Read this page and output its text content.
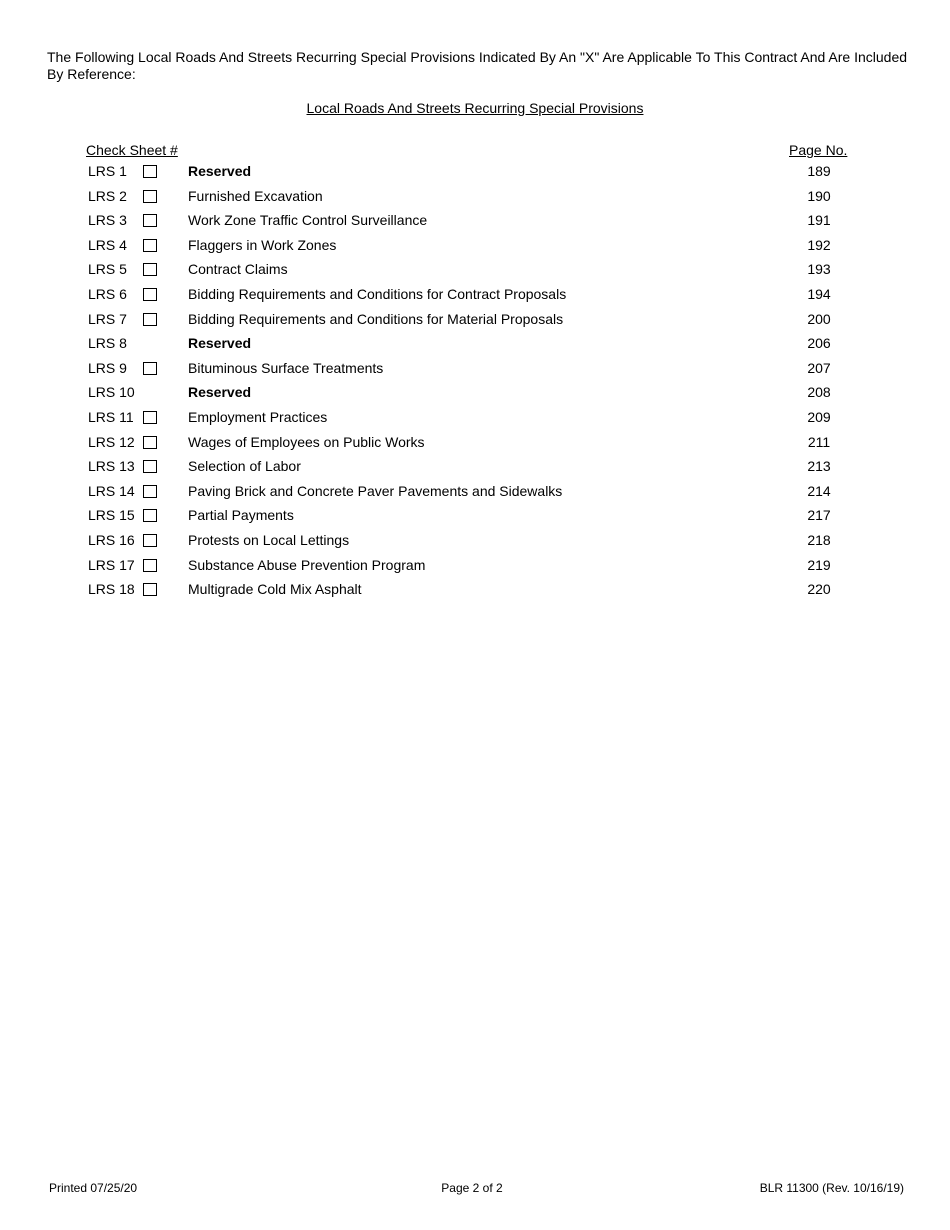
The Following Local Roads And Streets Recurring Special Provisions Indicated By An "X" Are Applicable To This Contract And Are Included By Reference:
Local Roads And Streets Recurring Special Provisions
Check Sheet #	Page No.
LRS 1	Reserved	189
LRS 2	Furnished Excavation	190
LRS 3	Work Zone Traffic Control Surveillance	191
LRS 4	Flaggers in Work Zones	192
LRS 5	Contract Claims	193
LRS 6	Bidding Requirements and Conditions for Contract Proposals	194
LRS 7	Bidding Requirements and Conditions for Material Proposals	200
LRS 8	Reserved	206
LRS 9	Bituminous Surface Treatments	207
LRS 10	Reserved	208
LRS 11	Employment Practices	209
LRS 12	Wages of Employees on Public Works	211
LRS 13	Selection of Labor	213
LRS 14	Paving Brick and Concrete Paver Pavements and Sidewalks	214
LRS 15	Partial Payments	217
LRS 16	Protests on Local Lettings	218
LRS 17	Substance Abuse Prevention Program	219
LRS 18	Multigrade Cold Mix Asphalt	220
Printed 07/25/20	Page 2 of 2	BLR 11300 (Rev. 10/16/19)
